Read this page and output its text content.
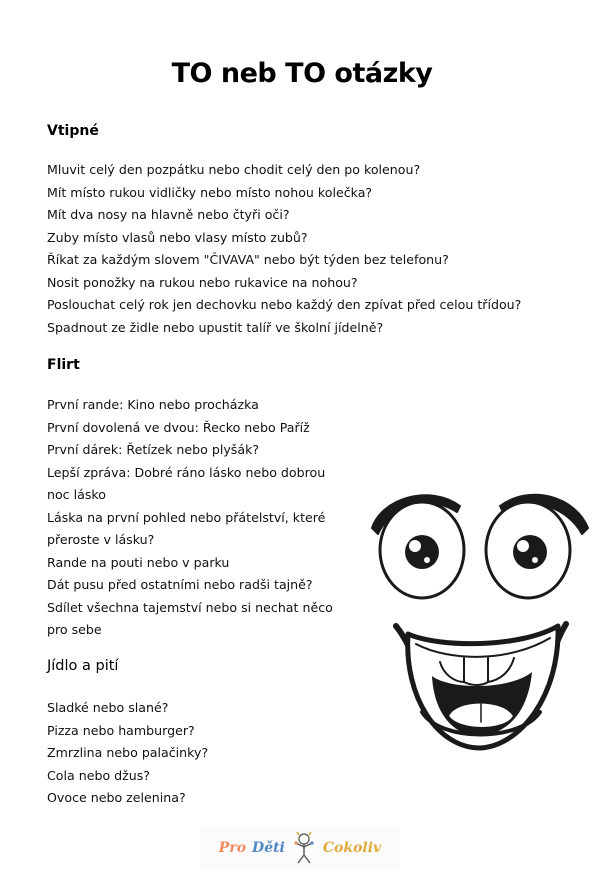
TO neb TO otázky
Vtipné
Mluvit celý den pozpátku nebo chodit celý den po kolenou?
Mít místo rukou vidličky nebo místo nohou kolečka?
Mít dva nosy na hlavně nebo čtyři oči?
Zuby místo vlasů nebo vlasy místo zubů?
Říkat za každým slovem "ČIVAVA" nebo být týden bez telefonu?
Nosit ponožky na rukou nebo rukavice na nohou?
Poslouchat celý rok jen dechovku nebo každý den zpívat před celou třídou?
Spadnout ze židle nebo upustit talíř ve školní jídelně?
Flirt
První rande: Kino nebo procházka
První dovolená ve dvou: Řecko nebo Paříž
První dárek: Řetízek nebo plyšák?
Lepší zpráva: Dobré ráno lásko nebo dobrou noc lásko
Láska na první pohled nebo přátelství, které přeroste v lásku?
Rande na pouti nebo v parku
Dát pusu před ostatními nebo radši tajně?
Sdílet všechna tajemství nebo si nechat něco pro sebe
Jídlo a pití
Sladké nebo slané?
Pizza nebo hamburger?
Zmrzlina nebo palačinky?
Cola nebo džus?
Ovoce nebo zelenina?
Pro Děti	Cokoliv
